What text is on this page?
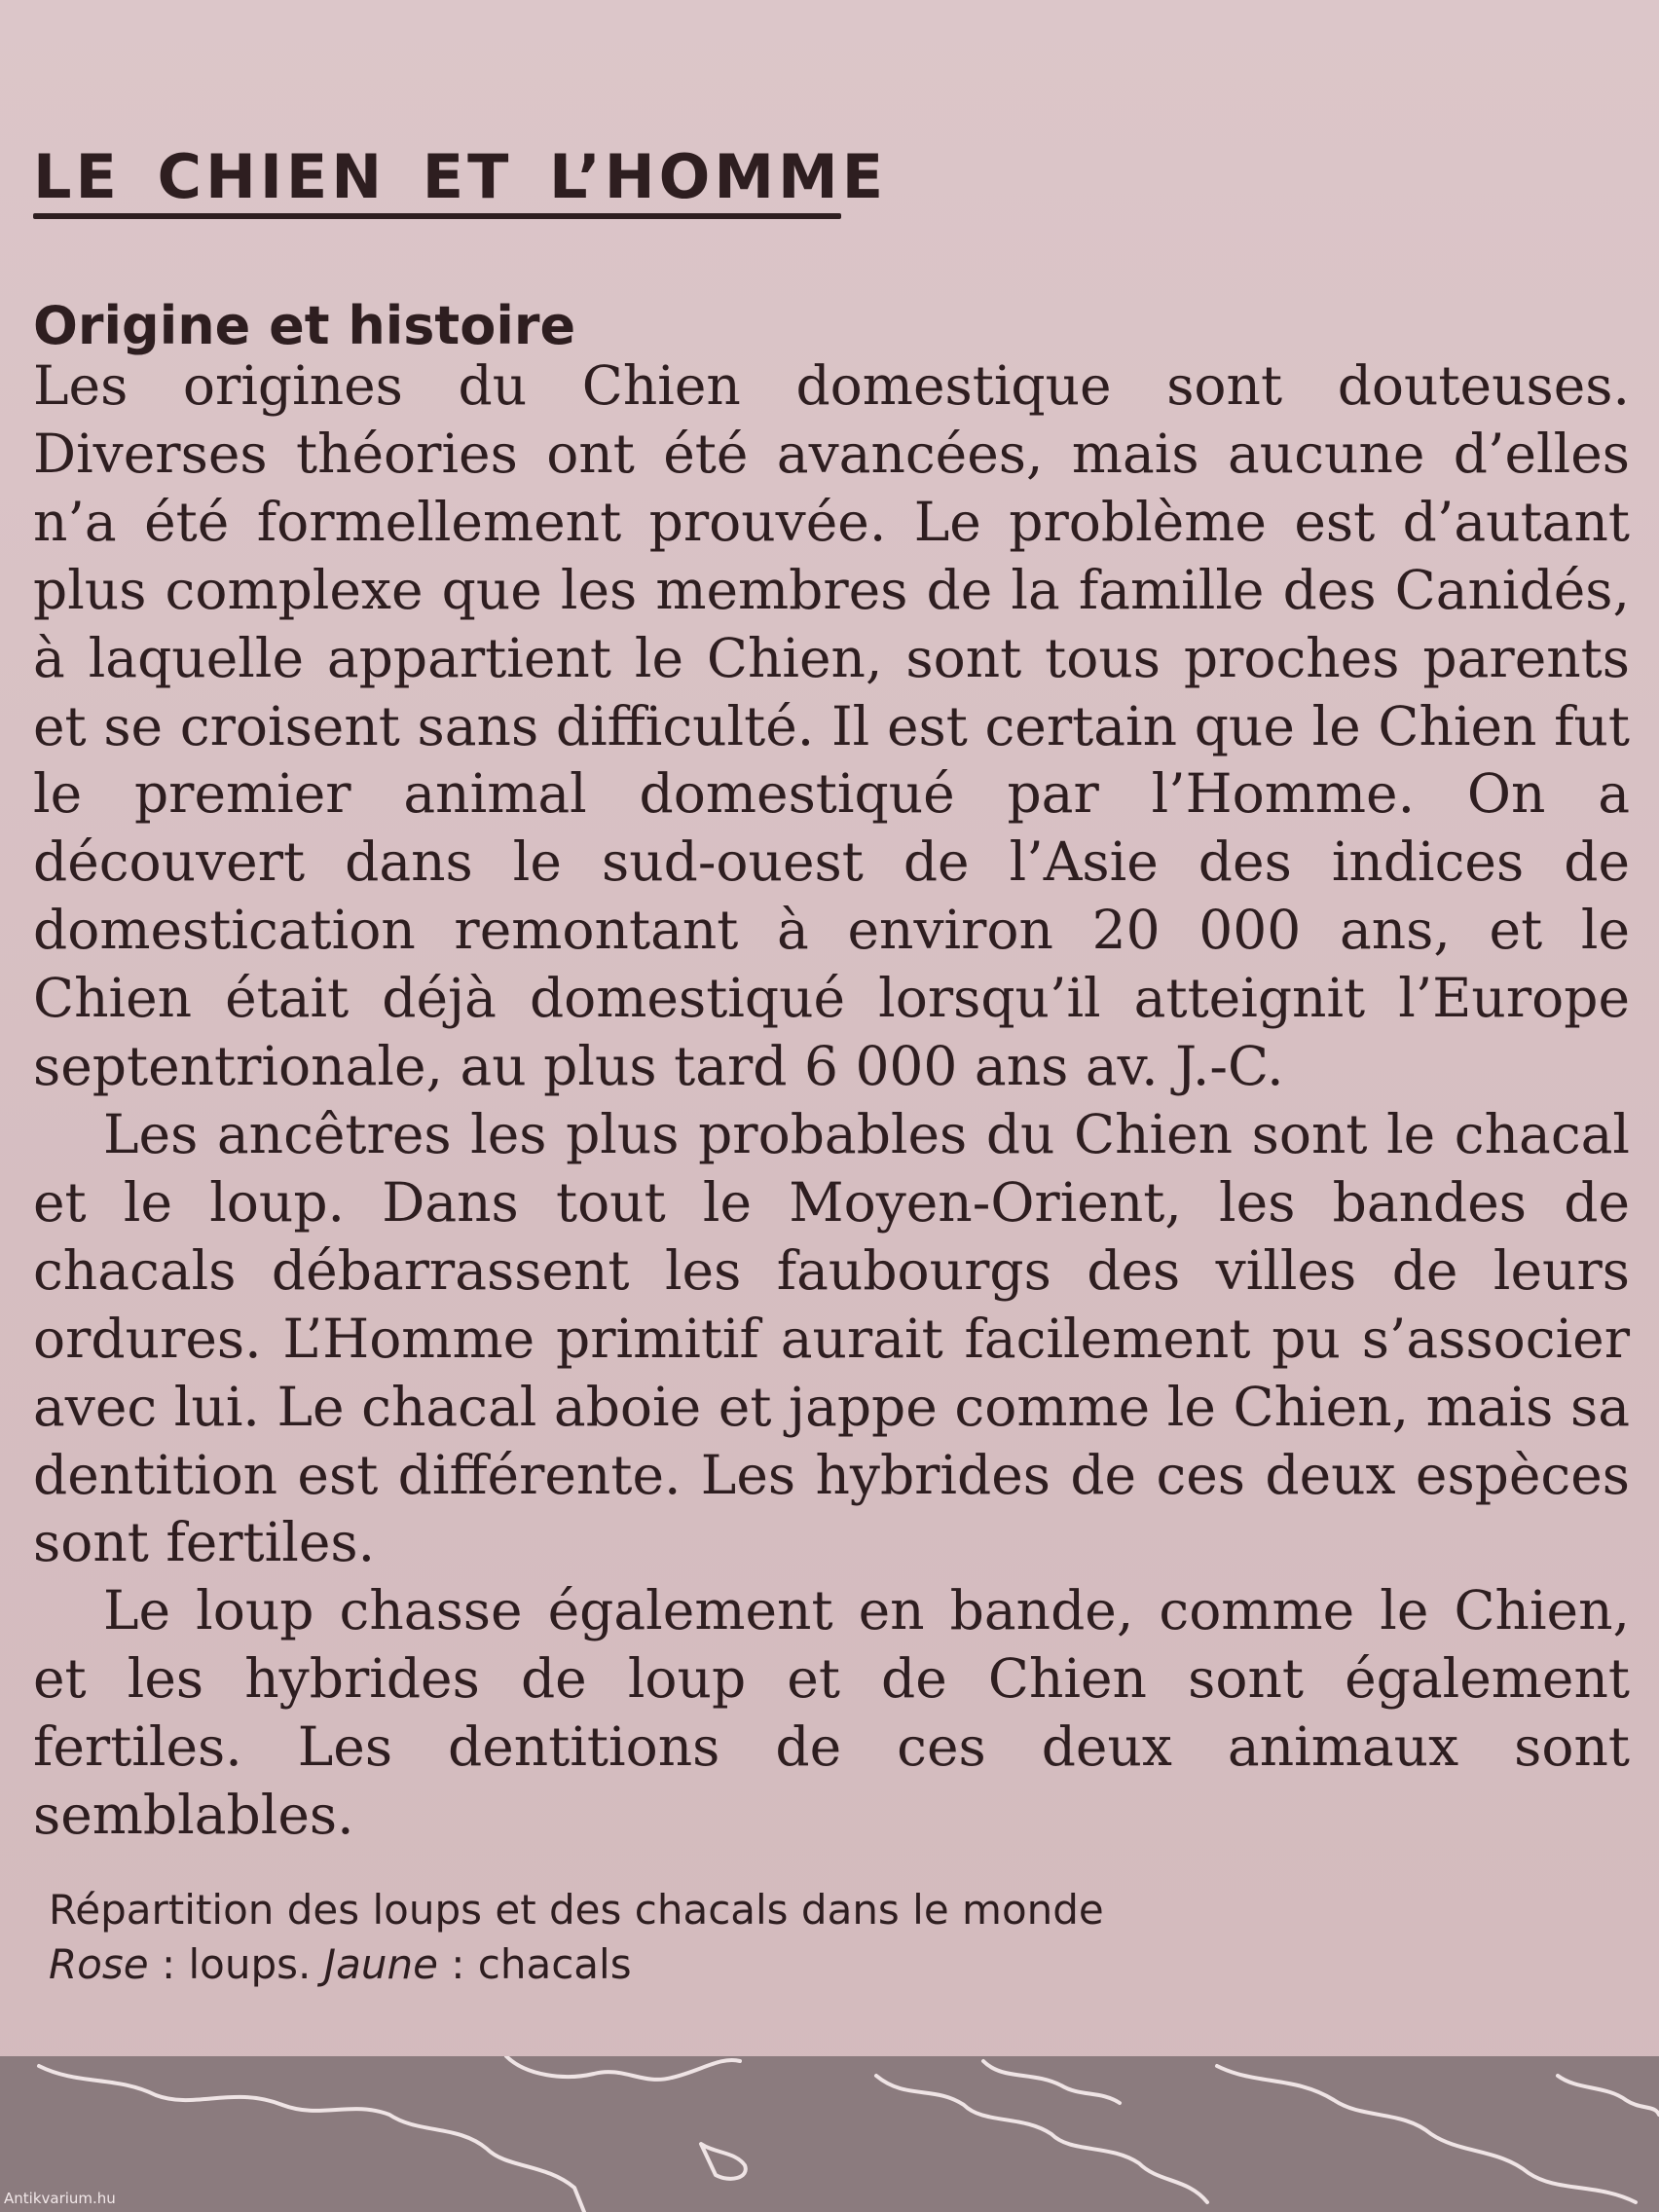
LE CHIEN ET L’HOMME
Origine et histoire

Les origines du Chien domestique sont douteuses. Diverses théories ont été avancées, mais aucune d’elles n’a été formellement prouvée. Le problème est d’autant plus complexe que les membres de la famille des Canidés, à laquelle appartient le Chien, sont tous proches parents et se croisent sans difficulté. Il est certain que le Chien fut le premier animal domestiqué par l’Homme. On a découvert dans le sud-ouest de l’Asie des indices de domestication remontant à environ 20 000 ans, et le Chien était déjà domestiqué lorsqu’il atteignit l’Europe septentrionale, au plus tard 6 000 ans av. J.-C.

Les ancêtres les plus probables du Chien sont le chacal et le loup. Dans tout le Moyen-Orient, les bandes de chacals débarrassent les faubourgs des villes de leurs ordures. L’Homme primitif aurait facilement pu s’associer avec lui. Le chacal aboie et jappe comme le Chien, mais sa dentition est différente. Les hybrides de ces deux espèces sont fertiles.

Le loup chasse également en bande, comme le Chien, et les hybrides de loup et de Chien sont également fertiles. Les dentitions de ces deux animaux sont semblables.

Répartition des loups et des chacals dans le monde
Rose : loups. Jaune : chacals
Antikvarium.hu
